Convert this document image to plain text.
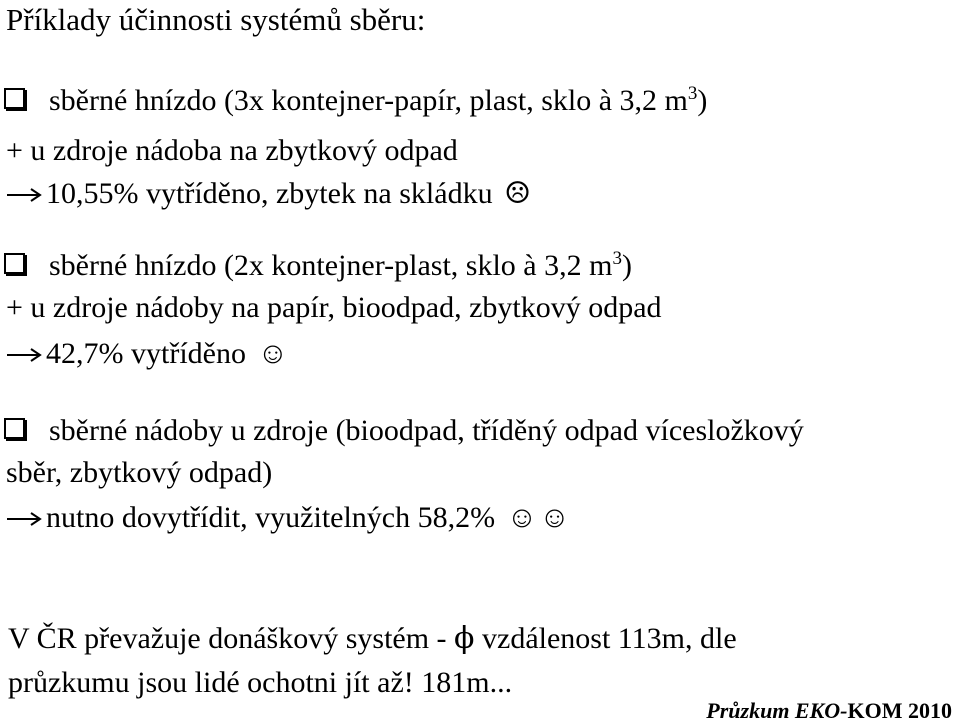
Příklady účinnosti systémů sběru:
sběrné hnízdo (3x kontejner-papír, plast, sklo à 3,2 $m^3$)
+ u zdroje nádoba na zbytkový odpad
10,55% vytříděno, zbytek na skládku ☹
sběrné hnízdo (2x kontejner-plast, sklo à 3,2 $m^3$)
+ u zdroje nádoby na papír, bioodpad, zbytkový odpad
42,7% vytříděno ☺
sběrné nádoby u zdroje (bioodpad, tříděný odpad vícesložkový
sběr, zbytkový odpad)
nutno dovytřídit, využitelných 58,2% ☺☺
V ČR převažuje donáškový systém - ϕ vzdálenost 113m, dle
průzkumu jsou lidé ochotni jít až! 181m...
Průzkum EKO-KOM 2010
